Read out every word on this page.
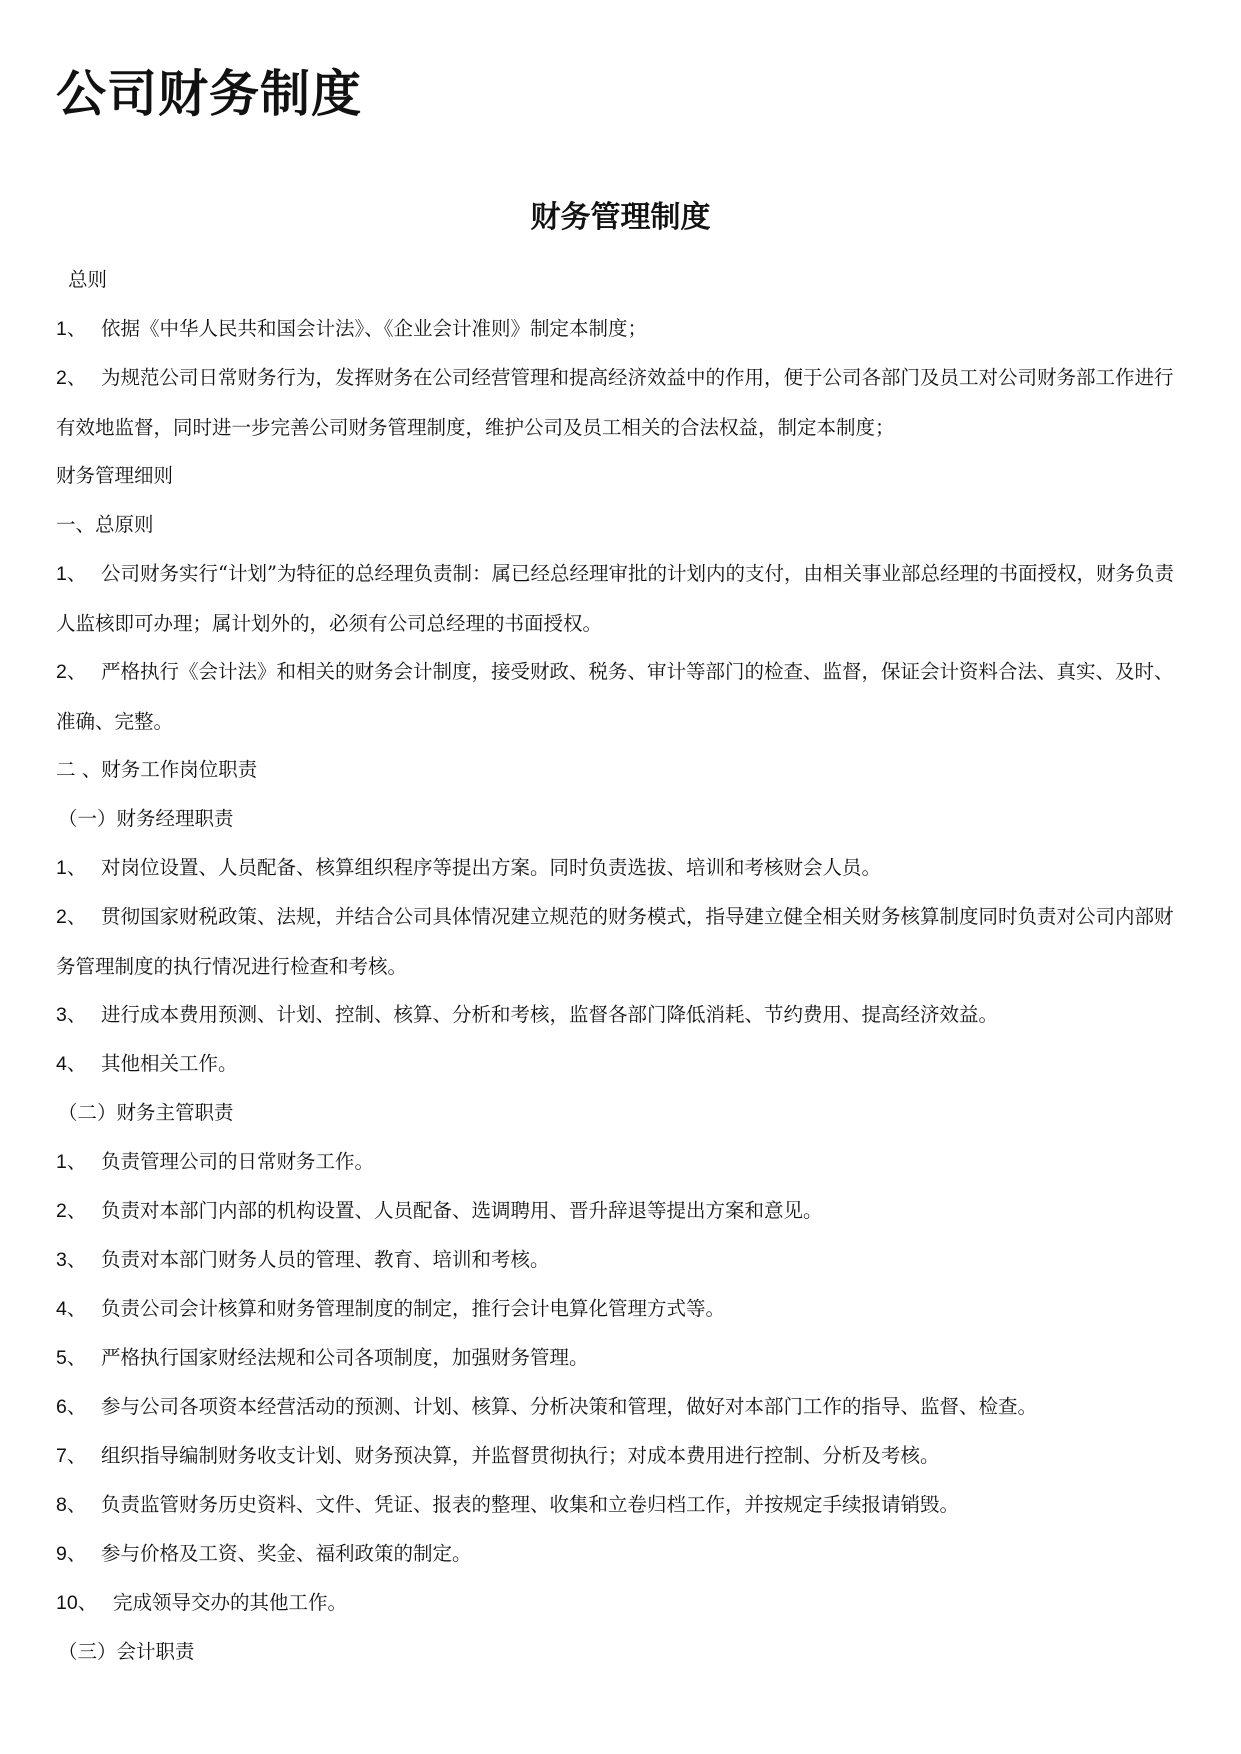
公司财务制度
财务管理制度
总则
1、 依据《中华人民共和国会计法》、《企业会计准则》制定本制度；
2、 为规范公司日常财务行为，发挥财务在公司经营管理和提高经济效益中的作用，便于公司各部门及员工对公司财务部工作进行有效地监督，同时进一步完善公司财务管理制度，维护公司及员工相关的合法权益，制定本制度；
财务管理细则
一、总原则
1、 公司财务实行“计划”为特征的总经理负责制：属已经总经理审批的计划内的支付，由相关事业部总经理的书面授权，财务负责人监核即可办理；属计划外的，必须有公司总经理的书面授权。
2、 严格执行《会计法》和相关的财务会计制度，接受财政、税务、审计等部门的检查、监督，保证会计资料合法、真实、及时、准确、完整。
二 、财务工作岗位职责
（一）财务经理职责
1、 对岗位设置、人员配备、核算组织程序等提出方案。同时负责选拔、培训和考核财会人员。
2、 贯彻国家财税政策、法规，并结合公司具体情况建立规范的财务模式，指导建立健全相关财务核算制度同时负责对公司内部财务管理制度的执行情况进行检查和考核。
3、 进行成本费用预测、计划、控制、核算、分析和考核，监督各部门降低消耗、节约费用、提高经济效益。
4、 其他相关工作。
（二）财务主管职责
1、 负责管理公司的日常财务工作。
2、 负责对本部门内部的机构设置、人员配备、选调聘用、晋升辞退等提出方案和意见。
3、 负责对本部门财务人员的管理、教育、培训和考核。
4、 负责公司会计核算和财务管理制度的制定，推行会计电算化管理方式等。
5、 严格执行国家财经法规和公司各项制度，加强财务管理。
6、 参与公司各项资本经营活动的预测、计划、核算、分析决策和管理，做好对本部门工作的指导、监督、检查。
7、 组织指导编制财务收支计划、财务预决算，并监督贯彻执行；对成本费用进行控制、分析及考核。
8、 负责监管财务历史资料、文件、凭证、报表的整理、收集和立卷归档工作，并按规定手续报请销毁。
9、 参与价格及工资、奖金、福利政策的制定。
10、 完成领导交办的其他工作。
（三）会计职责
